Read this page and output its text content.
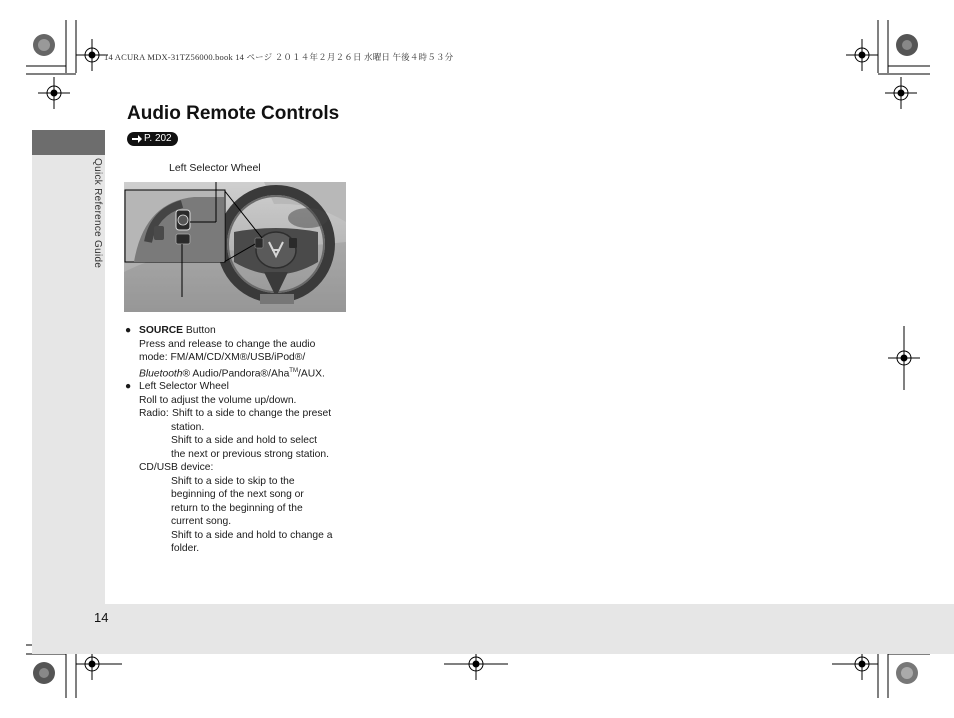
14 ACURA MDX-31TZ56000.book 14 ページ ２０１４年２月２６日 水曜日 午後４時５３分
Quick Reference Guide
14
Audio Remote Controls
P. 202
Left Selector Wheel
● SOURCE Button
Press and release to change the audio
mode: FM/AM/CD/XM®/USB/iPod®/
Bluetooth® Audio/Pandora®/Aha™/AUX.
● Left Selector Wheel
Roll to adjust the volume up/down.
Radio: Shift to a side to change the preset
station.
Shift to a side and hold to select
the next or previous strong station.
CD/USB device:
Shift to a side to skip to the
beginning of the next song or
return to the beginning of the
current song.
Shift to a side and hold to change a
folder.
